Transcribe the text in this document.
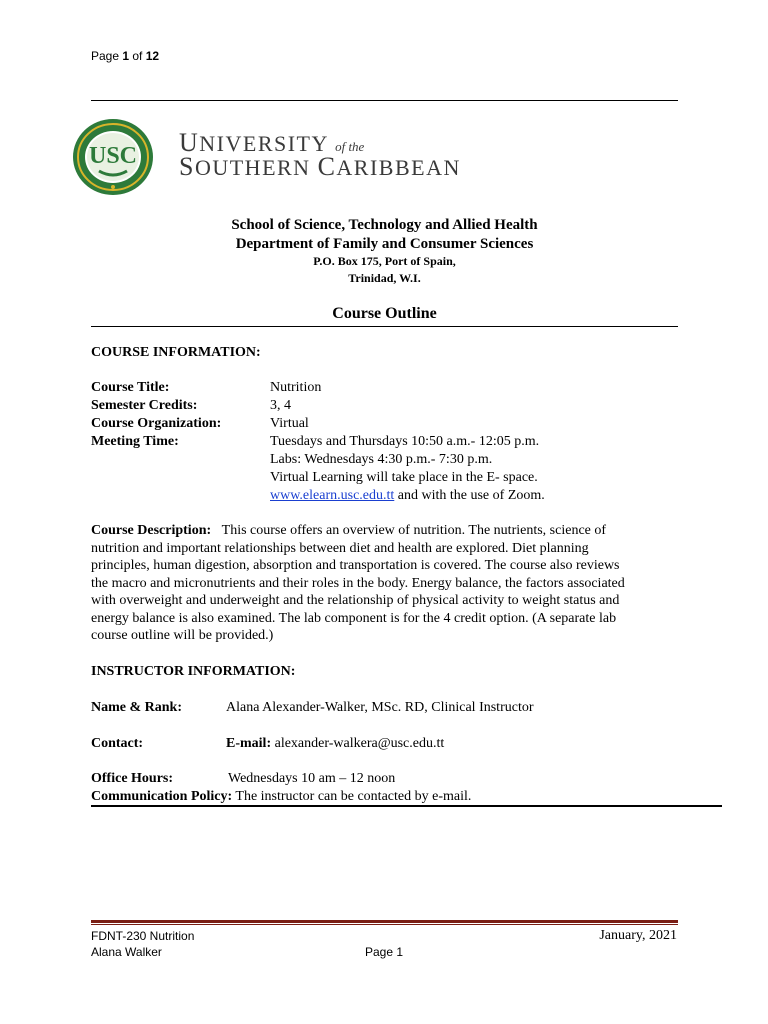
Page 1 of 12
USC	UNIVERSITY of the
SOUTHERN CARIBBEAN
School of Science, Technology and Allied Health
Department of Family and Consumer Sciences
P.O. Box 175, Port of Spain,
Trinidad, W.I.
Course Outline
COURSE INFORMATION:
Course Title:	Nutrition
Semester Credits:	3, 4
Course Organization:	Virtual
Meeting Time:	Tuesdays and Thursdays 10:50 a.m.- 12:05 p.m.
Labs: Wednesdays 4:30 p.m.- 7:30 p.m.
Virtual Learning will take place in the E- space.
www.elearn.usc.edu.tt and with the use of Zoom.
Course Description: This course offers an overview of nutrition. The nutrients, science of
nutrition and important relationships between diet and health are explored. Diet planning
principles, human digestion, absorption and transportation is covered. The course also reviews
the macro and micronutrients and their roles in the body. Energy balance, the factors associated
with overweight and underweight and the relationship of physical activity to weight status and
energy balance is also examined. The lab component is for the 4 credit option. (A separate lab
course outline will be provided.)
INSTRUCTOR INFORMATION:
Name & Rank:	Alana Alexander-Walker, MSc. RD, Clinical Instructor
Contact:	E-mail: alexander-walkera@usc.edu.tt
Office Hours:	Wednesdays 10 am – 12 noon
Communication Policy: The instructor can be contacted by e-mail.
FDNT-230 Nutrition
Alana Walker	Page 1
January, 2021
